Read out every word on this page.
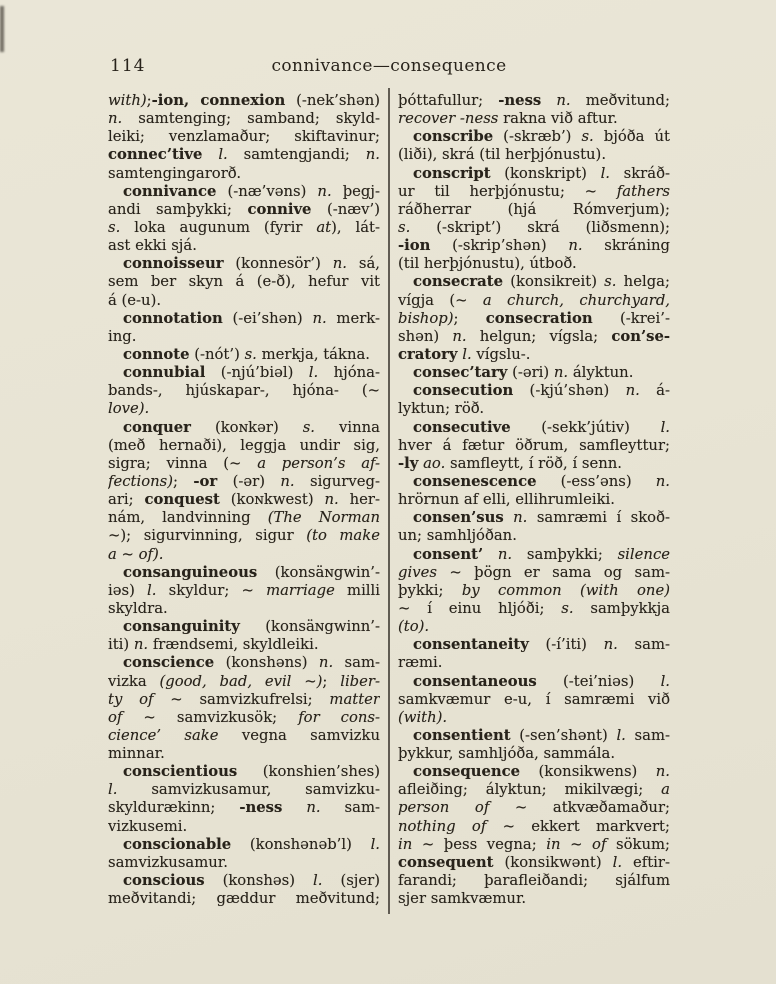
114	connivance—consequence
with);-ion, connexion (-nek’shən)
n. samtenging; samband; skyld-
leiki; venzlamaður; skiftavinur;
connec’tive l. samtengjandi; n.
samtengingarorð.
connivance (-næ’vəns) n. þegj-
andi samþykki; connive (-næv’)
s. loka augunum (fyrir at), lát-
ast ekki sjá.
connoisseur (konnesör’) n. sá,
sem ber skyn á (e-ð), hefur vit
á (e-u).
connotation (-ei’shən) n. merk-
ing.
connote (-nót’) s. merkja, tákna.
connubial (-njú’biəl) l. hjóna-
bands-, hjúskapar-, hjóna- (~
love).
conquer (koɴkər) s. vinna
(með hernaði), leggja undir sig,
sigra; vinna (~ a person’s af-
fections); -or (-ər) n. sigurveg-
ari; conquest (koɴkwest) n. her-
nám, landvinning (The Norman
~); sigurvinning, sigur (to make
a ~ of).
consanguineous (konsäɴgwin’-
iəs) l. skyldur; ~ marriage milli
skyldra.
consanguinity (konsäɴgwinn’-
iti) n. frændsemi, skyldleiki.
conscience (konshəns) n. sam-
vizka (good, bad, evil ~); liber-
ty of ~ samvizkufrelsi; matter
of ~ samvizkusök; for cons-
cience’ sake vegna samvizku
minnar.
conscientious (konshien’shes)
l. samvizkusamur, samvizku-
skyldurækinn; -ness n. sam-
vizkusemi.
conscionable (konshənəb’l) l.
samvizkusamur.
conscious (konshəs) l. (sjer)
meðvitandi; gæddur meðvitund;
þóttafullur; -ness n. meðvitund;
recover -ness rakna við aftur.
conscribe (-skræb’) s. bjóða út
(liði), skrá (til herþjónustu).
conscript (konskript) l. skráð-
ur til herþjónustu; ~ fathers
ráðherrar (hjá Rómverjum);
s. (-skript’) skrá (liðsmenn);
-ion (-skrip’shən) n. skráning
(til herþjónustu), útboð.
consecrate (konsikreit) s. helga;
vígja (~ a church, churchyard,
bishop); consecration (-krei’-
shən) n. helgun; vígsla; con’se-
cratory l. vígslu-.
consec’tary (-əri) n. ályktun.
consecution (-kjú’shən) n. á-
lyktun; röð.
consecutive (-sekk’jútiv) l.
hver á fætur öðrum, samfleyttur;
-ly ao. samfleytt, í röð, í senn.
consenescence (-ess’əns) n.
hrörnun af elli, ellihrumleiki.
consen’sus n. samræmi í skoð-
un; samhljóðan.
consent’ n. samþykki; silence
gives ~ þögn er sama og sam-
þykki; by common (with one)
~ í einu hljóði; s. samþykkja
(to).
consentaneity (-í’iti) n. sam-
ræmi.
consentaneous (-tei’niəs) l.
samkvæmur e-u, í samræmi við
(with).
consentient (-sen’shənt) l. sam-
þykkur, samhljóða, sammála.
consequence (konsikwens) n.
afleiðing; ályktun; mikilvægi; a
person of ~ atkvæðamaður;
nothing of ~ ekkert markvert;
in ~ þess vegna; in ~ of sökum;
consequent (konsikwənt) l. eftir-
farandi; þarafleiðandi; sjálfum
sjer samkvæmur.
